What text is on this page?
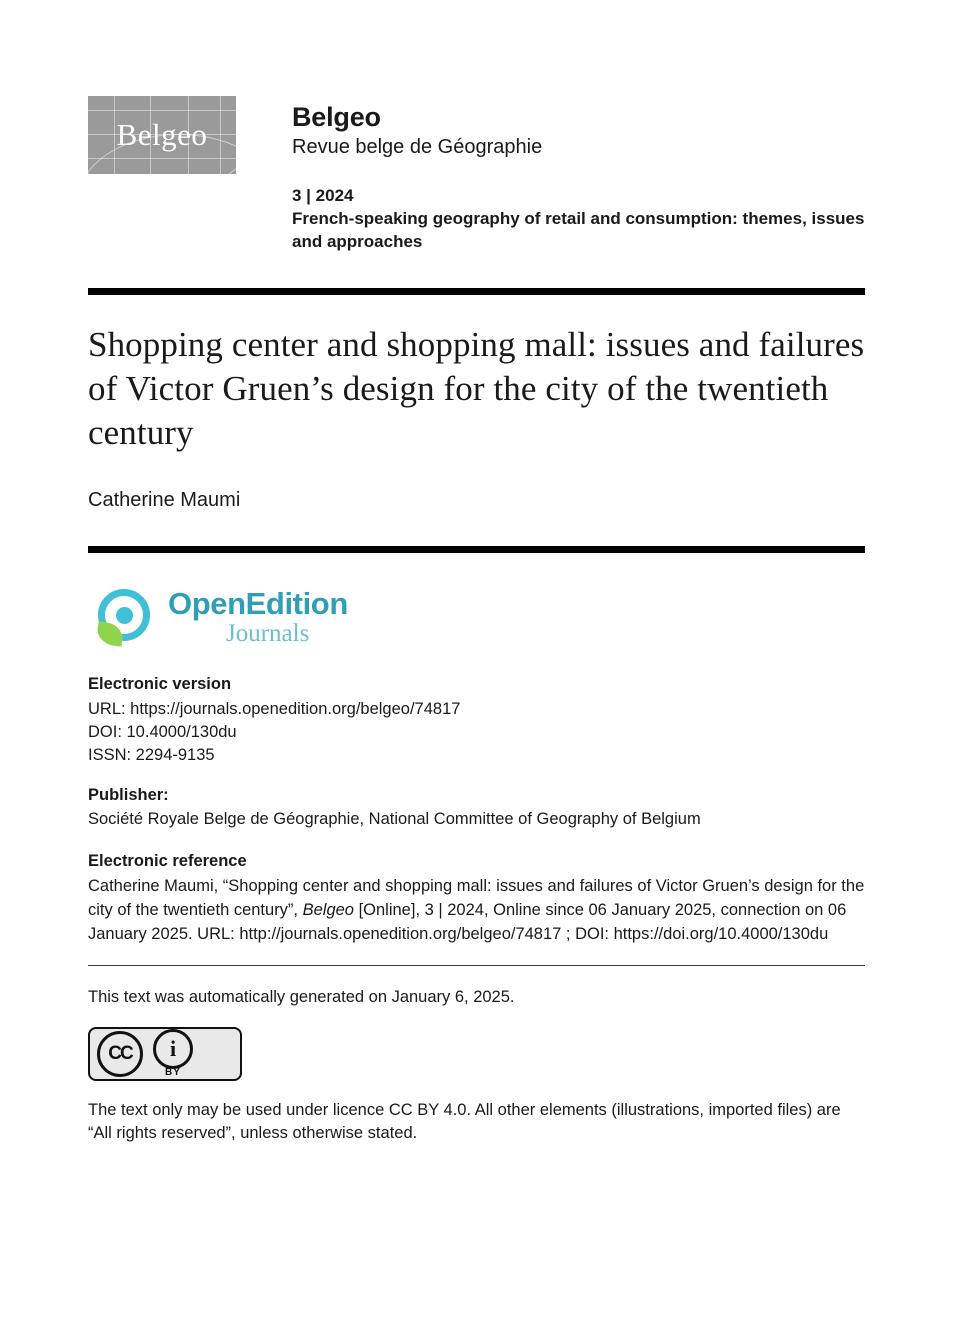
Belgeo	Belgeo

Revue belge de Géographie

3 | 2024
French-speaking geography of retail and consumption: themes, issues and approaches
Shopping center and shopping mall: issues and failures of Victor Gruen’s design for the city of the twentieth century
Catherine Maumi
OpenEdition
Journals
Electronic version

URL: https://journals.openedition.org/belgeo/74817

DOI: 10.4000/130du

ISSN: 2294-9135

Publisher:

Société Royale Belge de Géographie, National Committee of Geography of Belgium

Electronic reference
Catherine Maumi, “Shopping center and shopping mall: issues and failures of Victor Gruen’s design for the city of the twentieth century”, Belgeo [Online], 3 | 2024, Online since 06 January 2025, connection on 06 January 2025. URL: http://journals.openedition.org/belgeo/74817 ; DOI: https://doi.org/10.4000/130du
This text was automatically generated on January 6, 2025.
CC	i
BY
The text only may be used under licence CC BY 4.0. All other elements (illustrations, imported files) are “All rights reserved”, unless otherwise stated.
